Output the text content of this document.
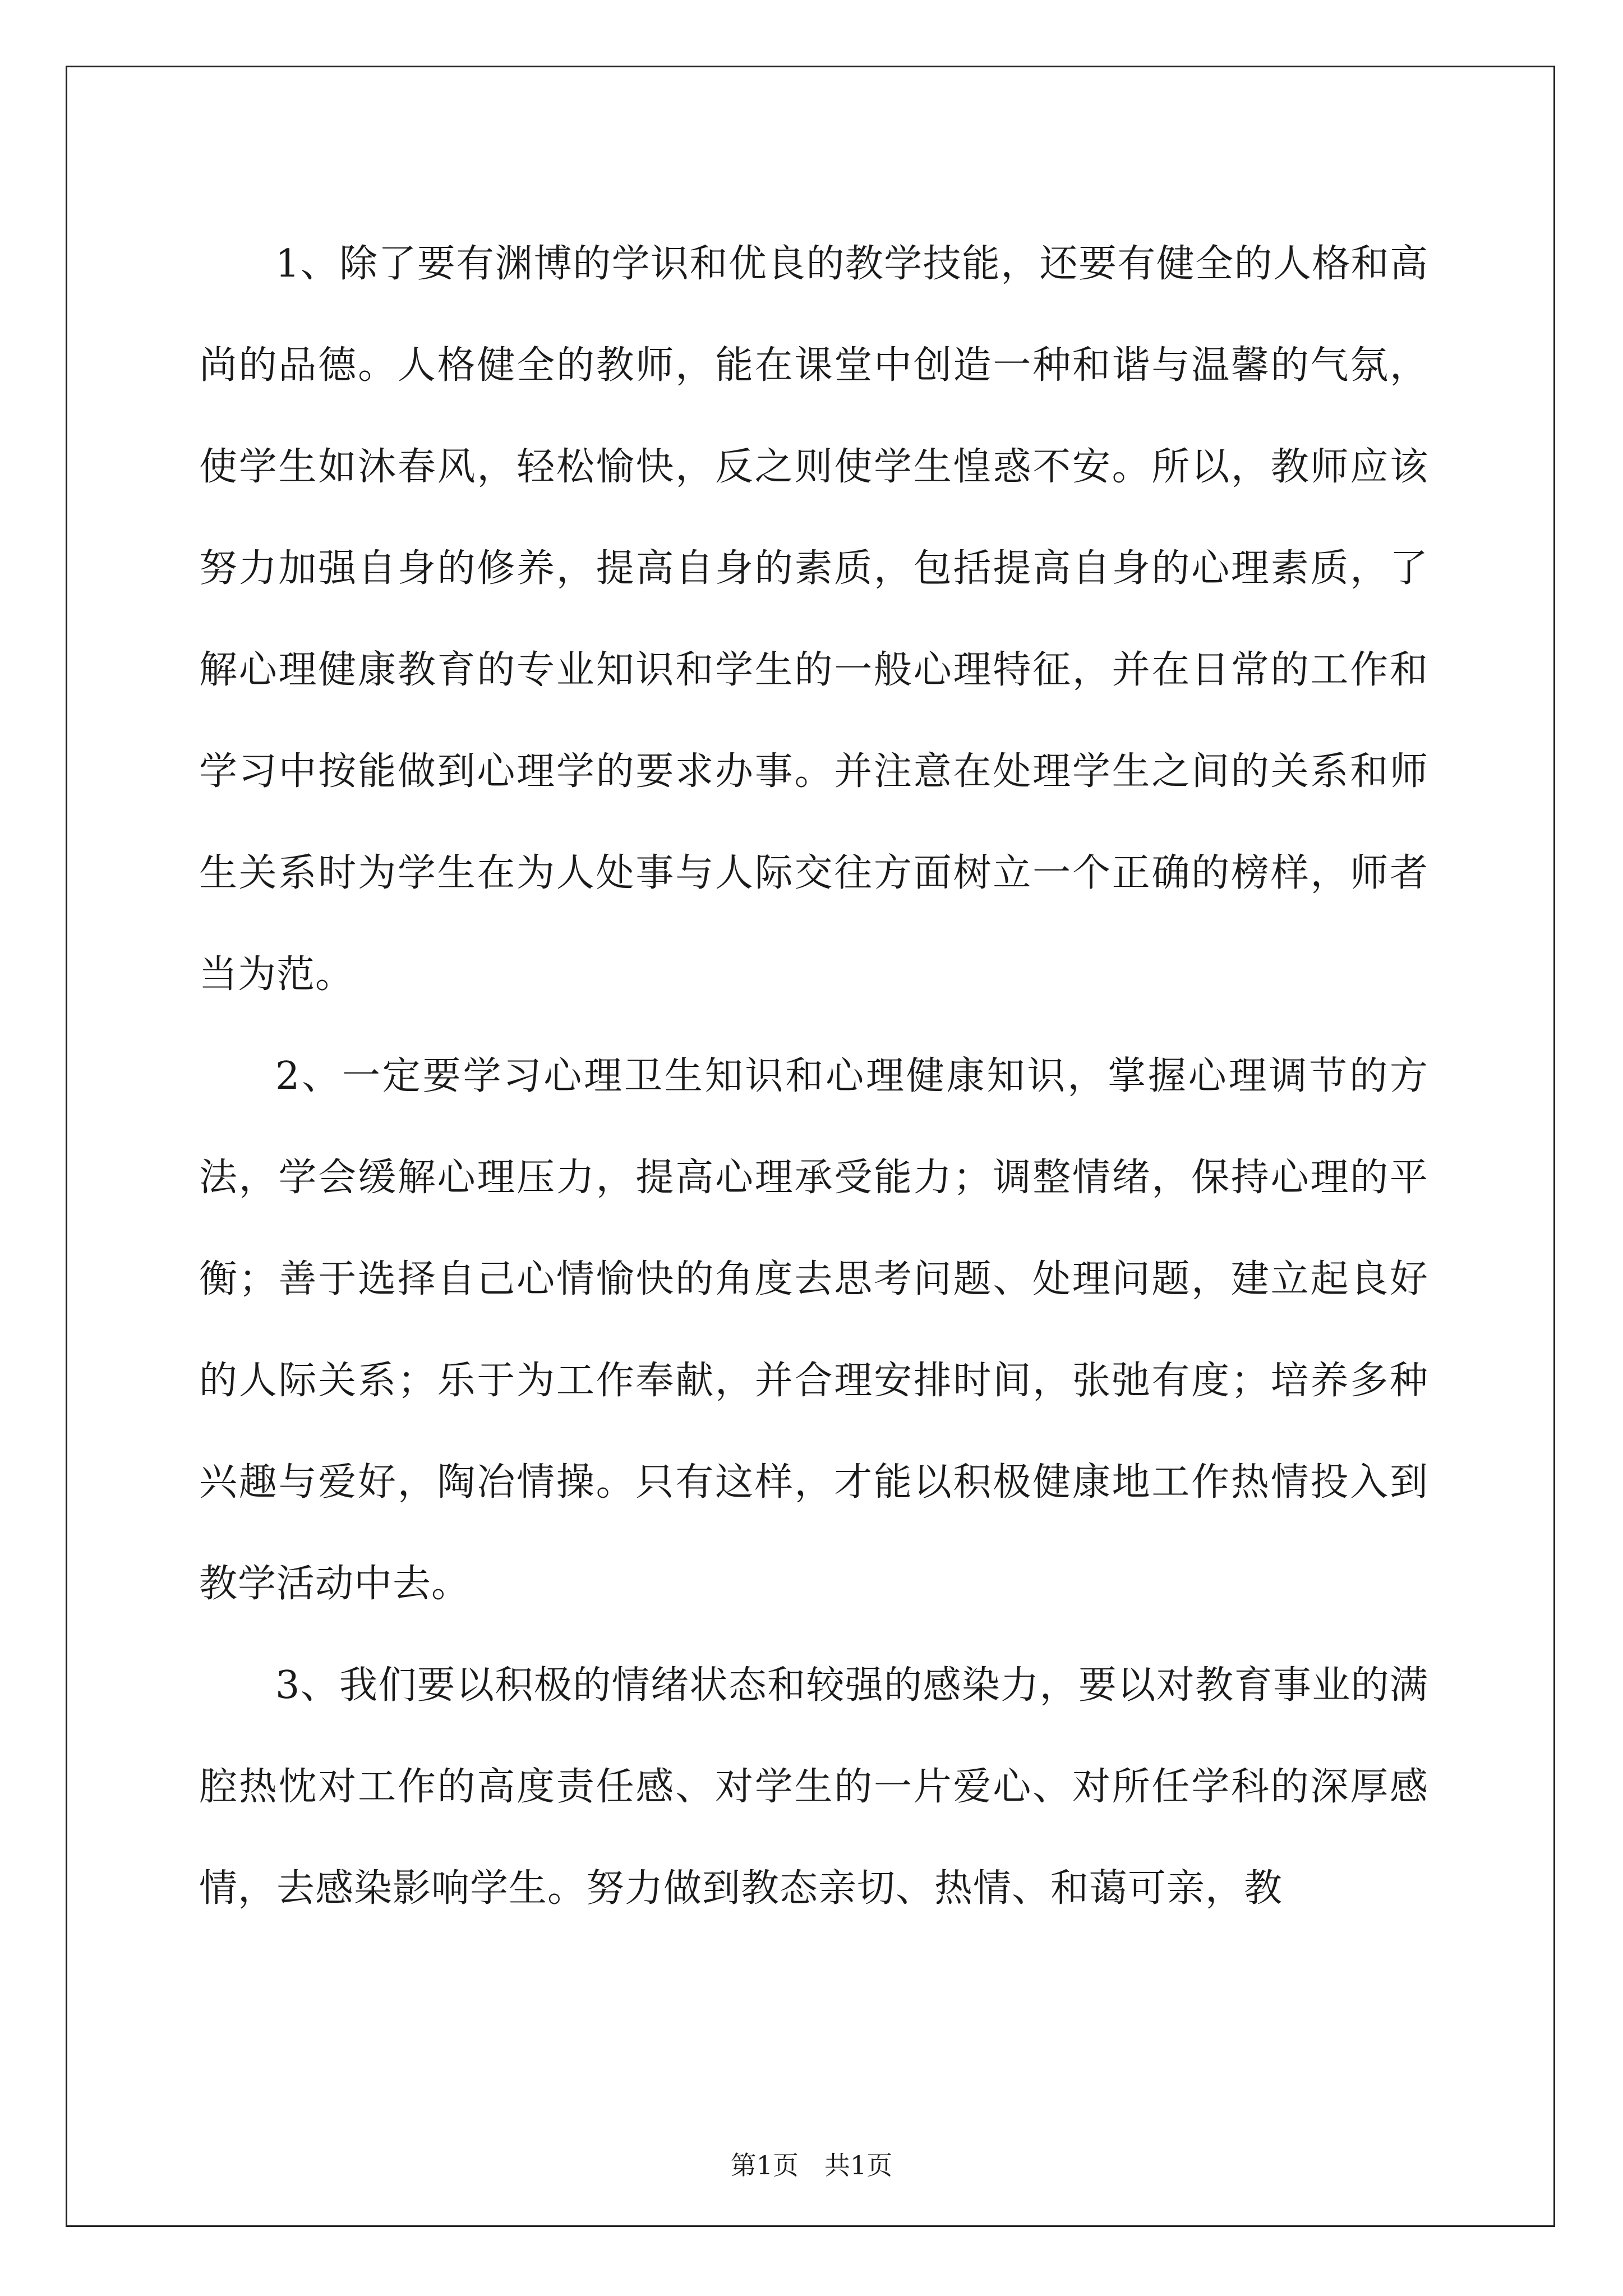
1、除了要有渊博的学识和优良的教学技能，还要有健全的人格和高尚的品德。人格健全的教师，能在课堂中创造一种和谐与温馨的气氛，使学生如沐春风，轻松愉快，反之则使学生惶惑不安。所以，教师应该努力加强自身的修养，提高自身的素质，包括提高自身的心理素质，了解心理健康教育的专业知识和学生的一般心理特征，并在日常的工作和学习中按能做到心理学的要求办事。并注意在处理学生之间的关系和师生关系时为学生在为人处事与人际交往方面树立一个正确的榜样，师者当为范。

2、一定要学习心理卫生知识和心理健康知识，掌握心理调节的方法，学会缓解心理压力，提高心理承受能力；调整情绪，保持心理的平衡；善于选择自己心情愉快的角度去思考问题、处理问题，建立起良好的人际关系；乐于为工作奉献，并合理安排时间，张弛有度；培养多种兴趣与爱好，陶冶情操。只有这样，才能以积极健康地工作热情投入到教学活动中去。

3、我们要以积极的情绪状态和较强的感染力，要以对教育事业的满腔热忱对工作的高度责任感、对学生的一片爱心、对所任学科的深厚感情，去感染影响学生。努力做到教态亲切、热情、和蔼可亲，教

第1页 共1页
